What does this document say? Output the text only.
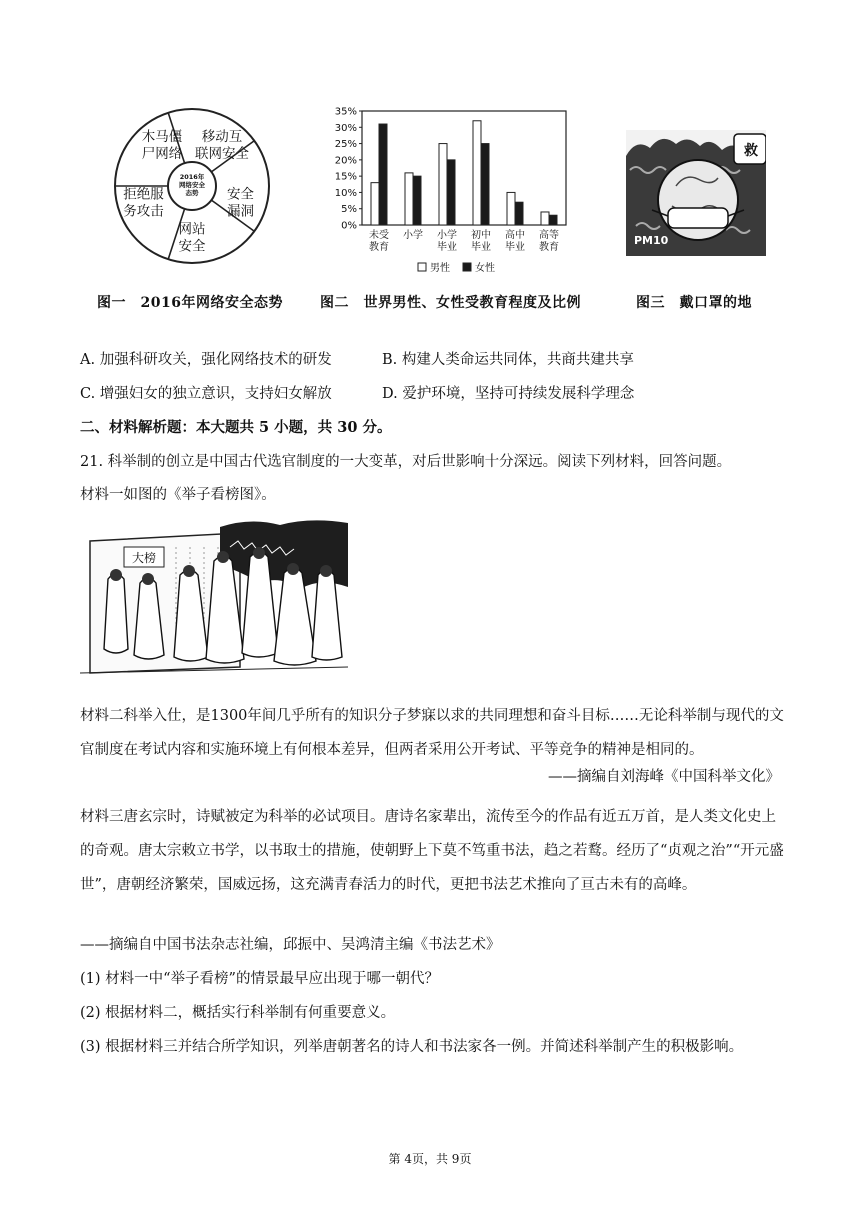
木马僵
尸网络
移动互
联网安全
安全
漏洞
网站
安全
拒绝服
务攻击
2016年
网络安全
态势
0%
5%
10%
15%
20%
25%
30%
35%
未受
教育
小学 小学
毕业
初中
毕业
高中
毕业
高等
教育
男性	女性
救
PM10
图一　2016年网络安全态势	图二　世界男性、女性受教育程度及比例	图三　戴口罩的地
A. 加强科研攻关，强化网络技术的研发	B. 构建人类命运共同体，共商共建共享
C. 增强妇女的独立意识，支持妇女解放	D. 爱护环境，坚持可持续发展科学理念
二、材料解析题：本大题共 5 小题，共 30 分。
21. 科举制的创立是中国古代选官制度的一大变革，对后世影响十分深远。阅读下列材料，回答问题。
材料一如图的《举子看榜图》。
大榜
材料二科举入仕，是1300年间几乎所有的知识分子梦寐以求的共同理想和奋斗目标……无论科举制与现代的文官制度在考试内容和实施环境上有何根本差异，但两者采用公开考试、平等竞争的精神是相同的。
——摘编自刘海峰《中国科举文化》
材料三唐玄宗时，诗赋被定为科举的必试项目。唐诗名家辈出，流传至今的作品有近五万首，是人类文化史上的奇观。唐太宗敕立书学，以书取士的措施，使朝野上下莫不笃重书法，趋之若鹜。经历了“贞观之治”“开元盛世”，唐朝经济繁荣，国威远扬，这充满青春活力的时代，更把书法艺术推向了亘古未有的高峰。
——摘编自中国书法杂志社编，邱振中、吴鸿清主编《书法艺术》
(1) 材料一中“举子看榜”的情景最早应出现于哪一朝代？
(2) 根据材料二，概括实行科举制有何重要意义。
(3) 根据材料三并结合所学知识，列举唐朝著名的诗人和书法家各一例。并简述科举制产生的积极影响。
第 4页，共 9页
